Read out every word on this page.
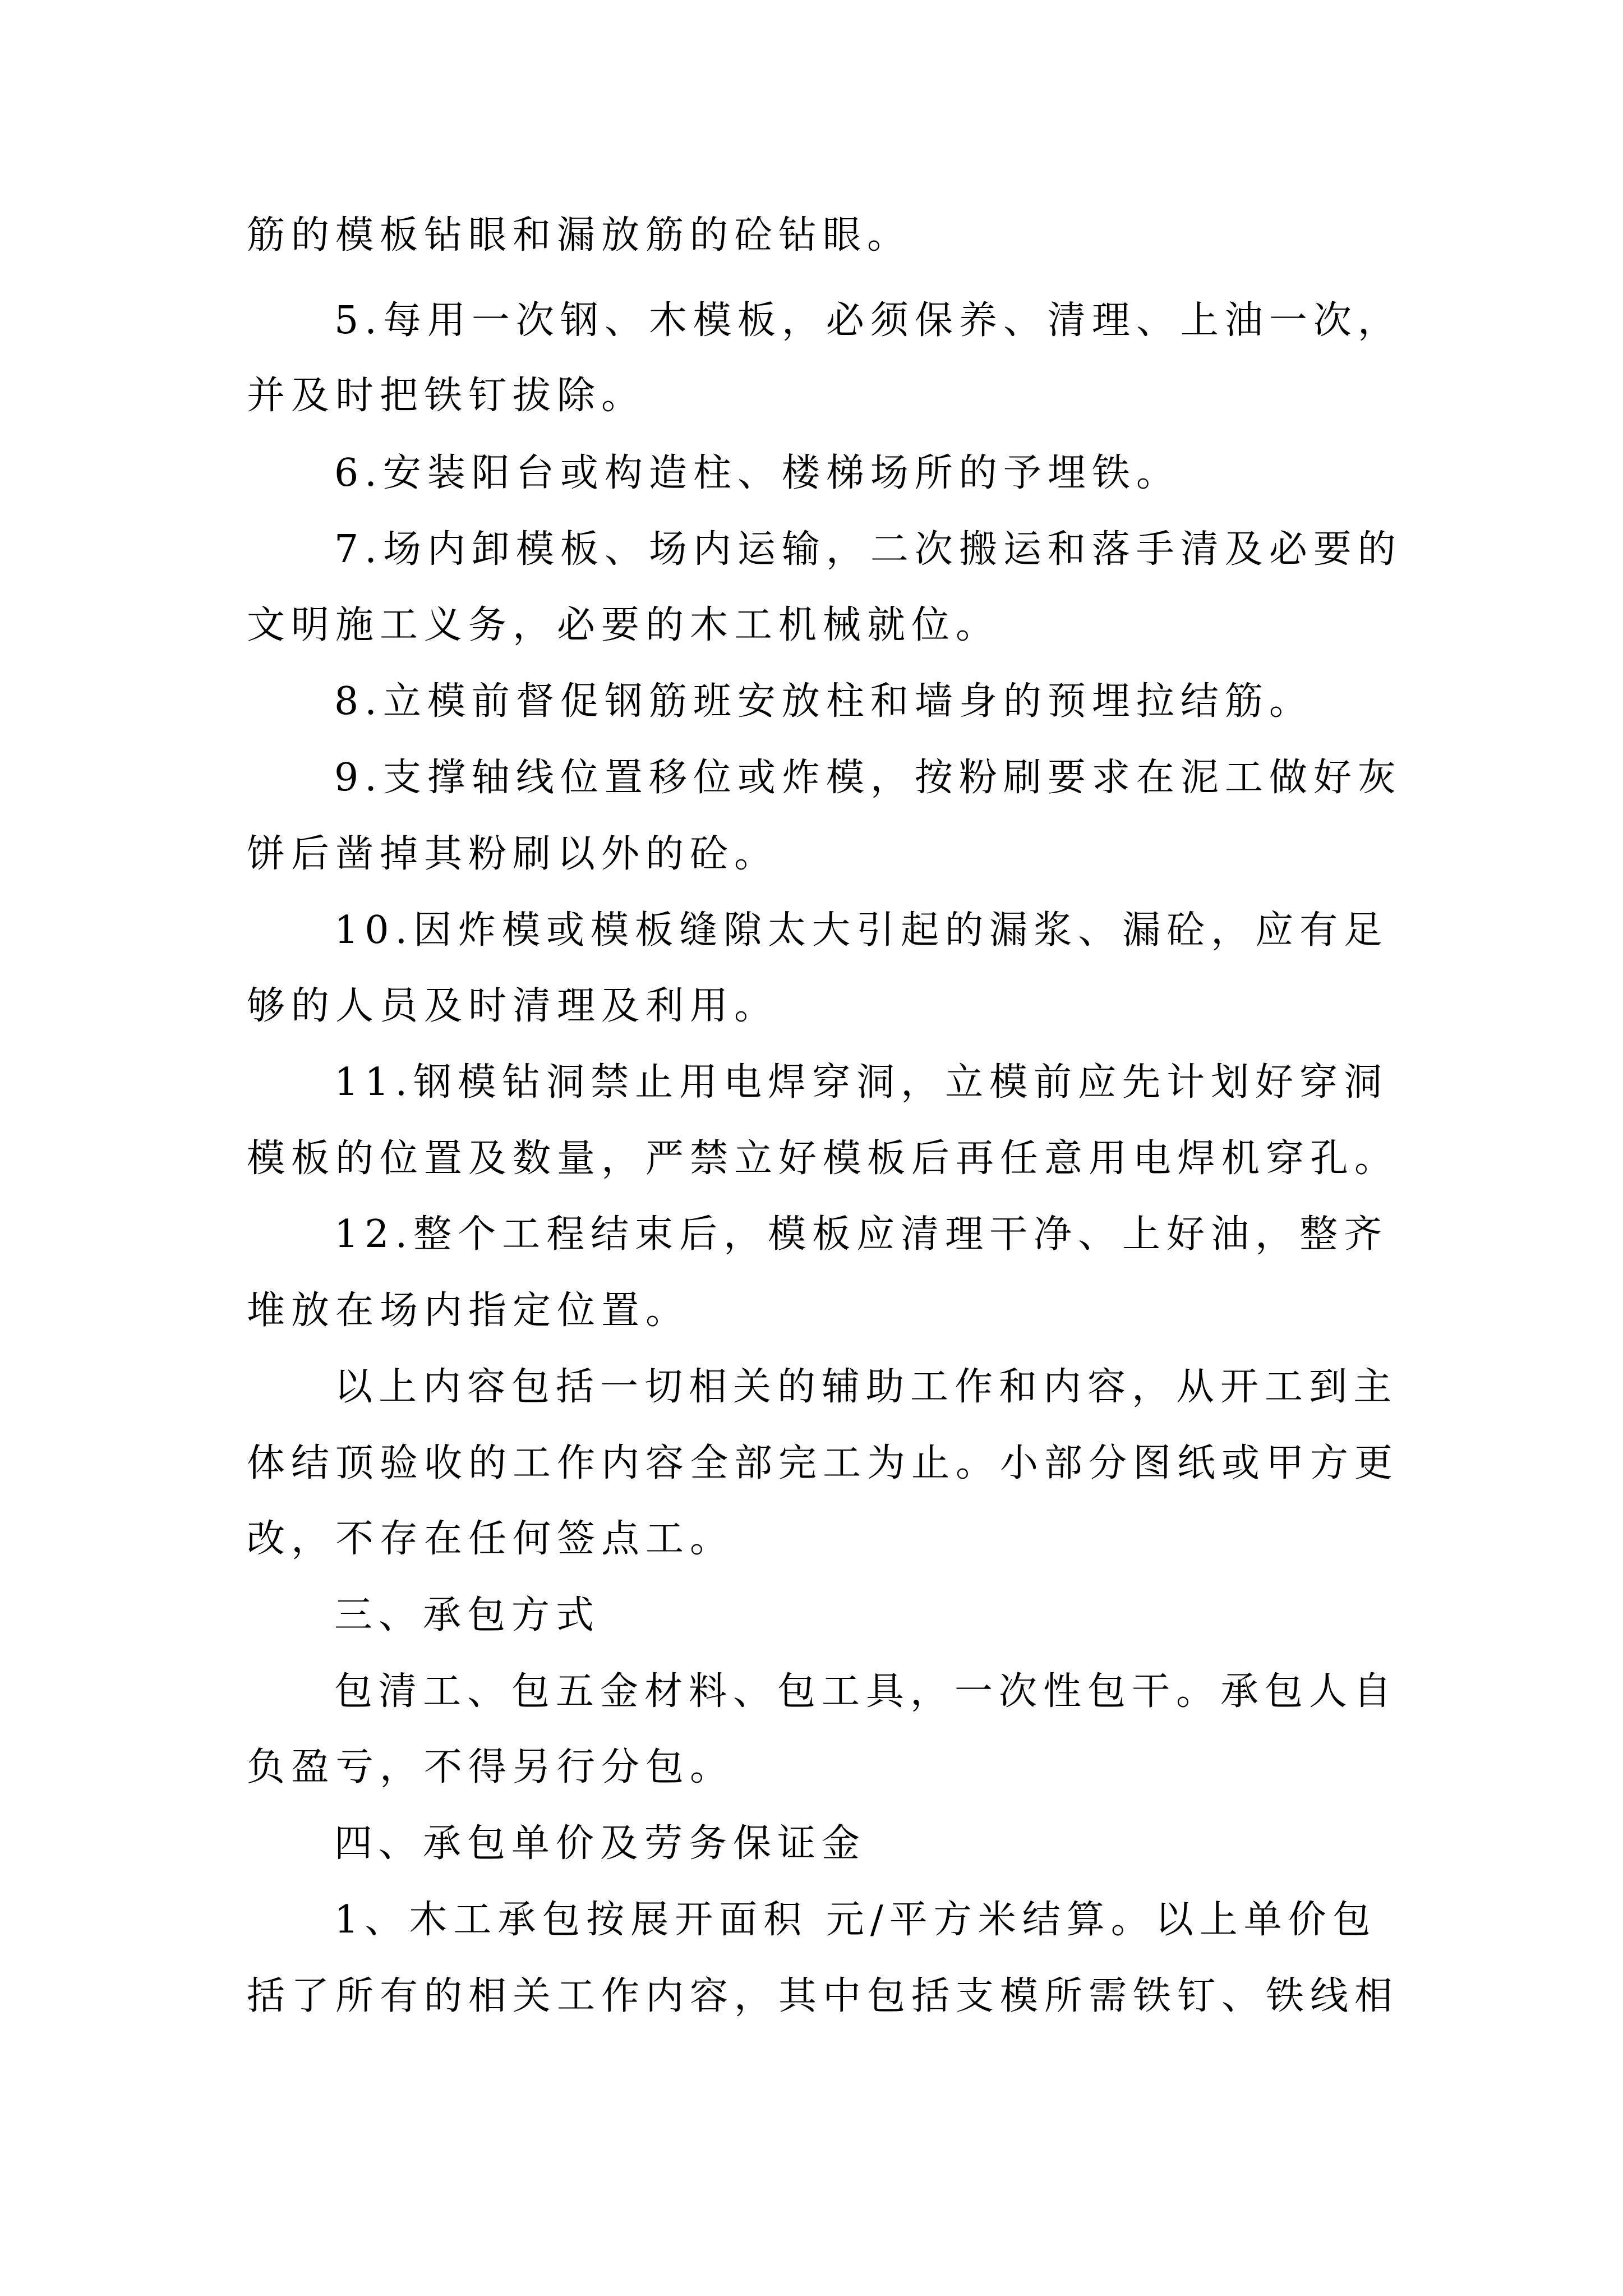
筋的模板钻眼和漏放筋的砼钻眼。
5.每用一次钢、木模板，必须保养、清理、上油一次，
并及时把铁钉拔除。
6.安装阳台或构造柱、楼梯场所的予埋铁。
7.场内卸模板、场内运输，二次搬运和落手清及必要的
文明施工义务，必要的木工机械就位。
8.立模前督促钢筋班安放柱和墙身的预埋拉结筋。
9.支撑轴线位置移位或炸模，按粉刷要求在泥工做好灰
饼后凿掉其粉刷以外的砼。
10.因炸模或模板缝隙太大引起的漏浆、漏砼，应有足
够的人员及时清理及利用。
11.钢模钻洞禁止用电焊穿洞，立模前应先计划好穿洞
模板的位置及数量，严禁立好模板后再任意用电焊机穿孔。
12.整个工程结束后，模板应清理干净、上好油，整齐
堆放在场内指定位置。
以上内容包括一切相关的辅助工作和内容，从开工到主
体结顶验收的工作内容全部完工为止。小部分图纸或甲方更
改，不存在任何签点工。
三、承包方式
包清工、包五金材料、包工具，一次性包干。承包人自
负盈亏，不得另行分包。
四、承包单价及劳务保证金
1、木工承包按展开面积 元/平方米结算。以上单价包
括了所有的相关工作内容，其中包括支模所需铁钉、铁线相
